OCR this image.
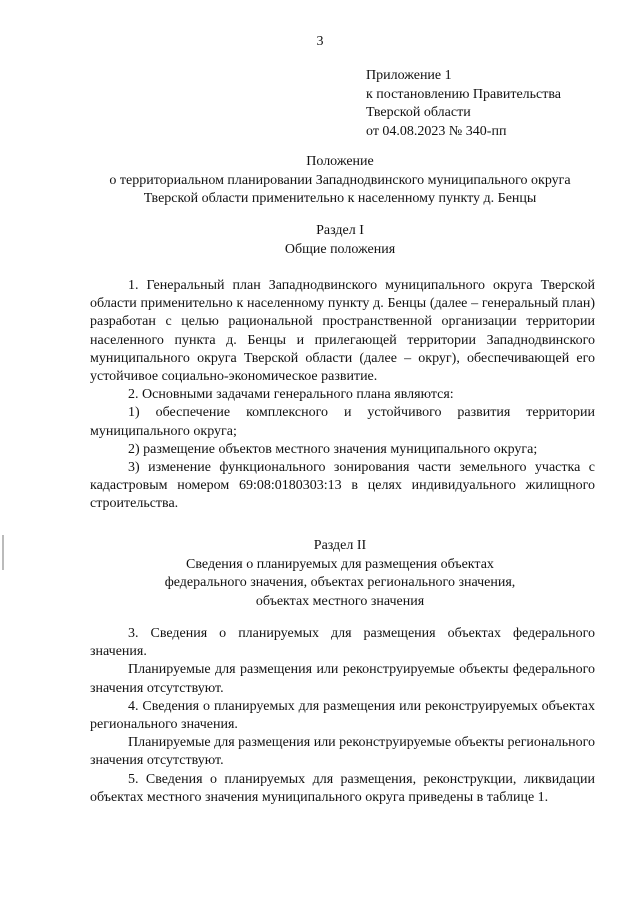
3
Приложение 1
к постановлению Правительства
Тверской области
от 04.08.2023 № 340-пп
Положение
о территориальном планировании Западнодвинского муниципального округа
Тверской области применительно к населенному пункту д. Бенцы
Раздел I
Общие положения

1. Генеральный план Западнодвинского муниципального округа Тверской области применительно к населенному пункту д. Бенцы (далее – генеральный план) разработан с целью рациональной пространственной организации территории населенного пункта д. Бенцы и прилегающей территории Западнодвинского муниципального округа Тверской области (далее – округ), обеспечивающей его устойчивое социально-экономическое развитие.

2. Основными задачами генерального плана являются:

1) обеспечение комплексного и устойчивого развития территории муниципального округа;

2) размещение объектов местного значения муниципального округа;

3) изменение функционального зонирования части земельного участка с кадастровым номером 69:08:0180303:13 в целях индивидуального жилищного строительства.

Раздел II
Сведения о планируемых для размещения объектах
федерального значения, объектах регионального значения,
объектах местного значения

3. Сведения о планируемых для размещения объектах федерального значения.

Планируемые для размещения или реконструируемые объекты федерального значения отсутствуют.

4. Сведения о планируемых для размещения или реконструируемых объектах регионального значения.

Планируемые для размещения или реконструируемые объекты регионального значения отсутствуют.

5. Сведения о планируемых для размещения, реконструкции, ликвидации объектах местного значения муниципального округа приведены в таблице 1.
